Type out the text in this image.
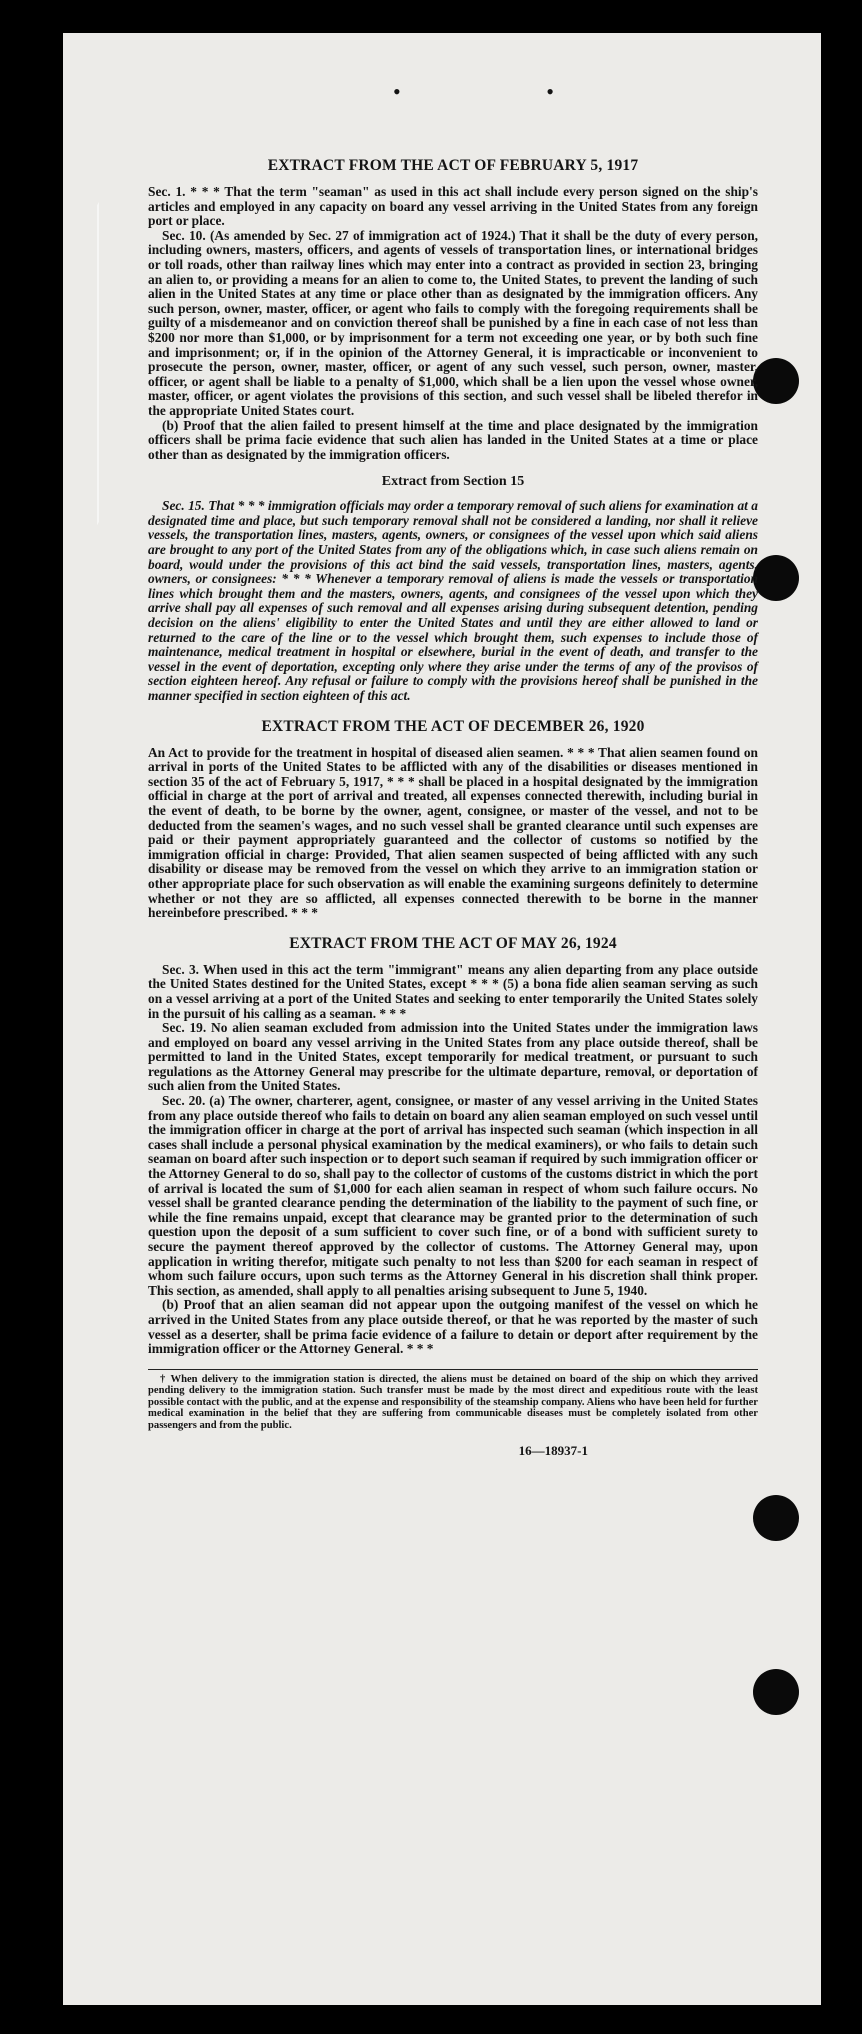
• •
EXTRACT FROM THE ACT OF FEBRUARY 5, 1917

Sec. 1. * * * That the term "seaman" as used in this act shall include every person signed on the ship's articles and employed in any capacity on board any vessel arriving in the United States from any foreign port or place.

Sec. 10. (As amended by Sec. 27 of immigration act of 1924.) That it shall be the duty of every person, including owners, masters, officers, and agents of vessels of transportation lines, or international bridges or toll roads, other than railway lines which may enter into a contract as provided in section 23, bringing an alien to, or providing a means for an alien to come to, the United States, to prevent the landing of such alien in the United States at any time or place other than as designated by the immigration officers. Any such person, owner, master, officer, or agent who fails to comply with the foregoing requirements shall be guilty of a misdemeanor and on conviction thereof shall be punished by a fine in each case of not less than $200 nor more than $1,000, or by imprisonment for a term not exceeding one year, or by both such fine and imprisonment; or, if in the opinion of the Attorney General, it is impracticable or inconvenient to prosecute the person, owner, master, officer, or agent of any such vessel, such person, owner, master, officer, or agent shall be liable to a penalty of $1,000, which shall be a lien upon the vessel whose owner, master, officer, or agent violates the provisions of this section, and such vessel shall be libeled therefor in the appropriate United States court.

(b) Proof that the alien failed to present himself at the time and place designated by the immigration officers shall be prima facie evidence that such alien has landed in the United States at a time or place other than as designated by the immigration officers.

Extract from Section 15

Sec. 15. That * * * immigration officials may order a temporary removal of such aliens for examination at a designated time and place, but such temporary removal shall not be considered a landing, nor shall it relieve vessels, the transportation lines, masters, agents, owners, or consignees of the vessel upon which said aliens are brought to any port of the United States from any of the obligations which, in case such aliens remain on board, would under the provisions of this act bind the said vessels, transportation lines, masters, agents, owners, or consignees: * * * Whenever a temporary removal of aliens is made the vessels or transportation lines which brought them and the masters, owners, agents, and consignees of the vessel upon which they arrive shall pay all expenses of such removal and all expenses arising during subsequent detention, pending decision on the aliens' eligibility to enter the United States and until they are either allowed to land or returned to the care of the line or to the vessel which brought them, such expenses to include those of maintenance, medical treatment in hospital or elsewhere, burial in the event of death, and transfer to the vessel in the event of deportation, excepting only where they arise under the terms of any of the provisos of section eighteen hereof. Any refusal or failure to comply with the provisions hereof shall be punished in the manner specified in section eighteen of this act.

EXTRACT FROM THE ACT OF DECEMBER 26, 1920

An Act to provide for the treatment in hospital of diseased alien seamen. * * * That alien seamen found on arrival in ports of the United States to be afflicted with any of the disabilities or diseases mentioned in section 35 of the act of February 5, 1917, * * * shall be placed in a hospital designated by the immigration official in charge at the port of arrival and treated, all expenses connected therewith, including burial in the event of death, to be borne by the owner, agent, consignee, or master of the vessel, and not to be deducted from the seamen's wages, and no such vessel shall be granted clearance until such expenses are paid or their payment appropriately guaranteed and the collector of customs so notified by the immigration official in charge: Provided, That alien seamen suspected of being afflicted with any such disability or disease may be removed from the vessel on which they arrive to an immigration station or other appropriate place for such observation as will enable the examining surgeons definitely to determine whether or not they are so afflicted, all expenses connected therewith to be borne in the manner hereinbefore prescribed. * * *

EXTRACT FROM THE ACT OF MAY 26, 1924

Sec. 3. When used in this act the term "immigrant" means any alien departing from any place outside the United States destined for the United States, except * * * (5) a bona fide alien seaman serving as such on a vessel arriving at a port of the United States and seeking to enter temporarily the United States solely in the pursuit of his calling as a seaman. * * *

Sec. 19. No alien seaman excluded from admission into the United States under the immigration laws and employed on board any vessel arriving in the United States from any place outside thereof, shall be permitted to land in the United States, except temporarily for medical treatment, or pursuant to such regulations as the Attorney General may prescribe for the ultimate departure, removal, or deportation of such alien from the United States.

Sec. 20. (a) The owner, charterer, agent, consignee, or master of any vessel arriving in the United States from any place outside thereof who fails to detain on board any alien seaman employed on such vessel until the immigration officer in charge at the port of arrival has inspected such seaman (which inspection in all cases shall include a personal physical examination by the medical examiners), or who fails to detain such seaman on board after such inspection or to deport such seaman if required by such immigration officer or the Attorney General to do so, shall pay to the collector of customs of the customs district in which the port of arrival is located the sum of $1,000 for each alien seaman in respect of whom such failure occurs. No vessel shall be granted clearance pending the determination of the liability to the payment of such fine, or while the fine remains unpaid, except that clearance may be granted prior to the determination of such question upon the deposit of a sum sufficient to cover such fine, or of a bond with sufficient surety to secure the payment thereof approved by the collector of customs. The Attorney General may, upon application in writing therefor, mitigate such penalty to not less than $200 for each seaman in respect of whom such failure occurs, upon such terms as the Attorney General in his discretion shall think proper. This section, as amended, shall apply to all penalties arising subsequent to June 5, 1940.

(b) Proof that an alien seaman did not appear upon the outgoing manifest of the vessel on which he arrived in the United States from any place outside thereof, or that he was reported by the master of such vessel as a deserter, shall be prima facie evidence of a failure to detain or deport after requirement by the immigration officer or the Attorney General. * * *

† When delivery to the immigration station is directed, the aliens must be detained on board of the ship on which they arrived pending delivery to the immigration station. Such transfer must be made by the most direct and expeditious route with the least possible contact with the public, and at the expense and responsibility of the steamship company. Aliens who have been held for further medical examination in the belief that they are suffering from communicable diseases must be completely isolated from other passengers and from the public.

16—18937-1
